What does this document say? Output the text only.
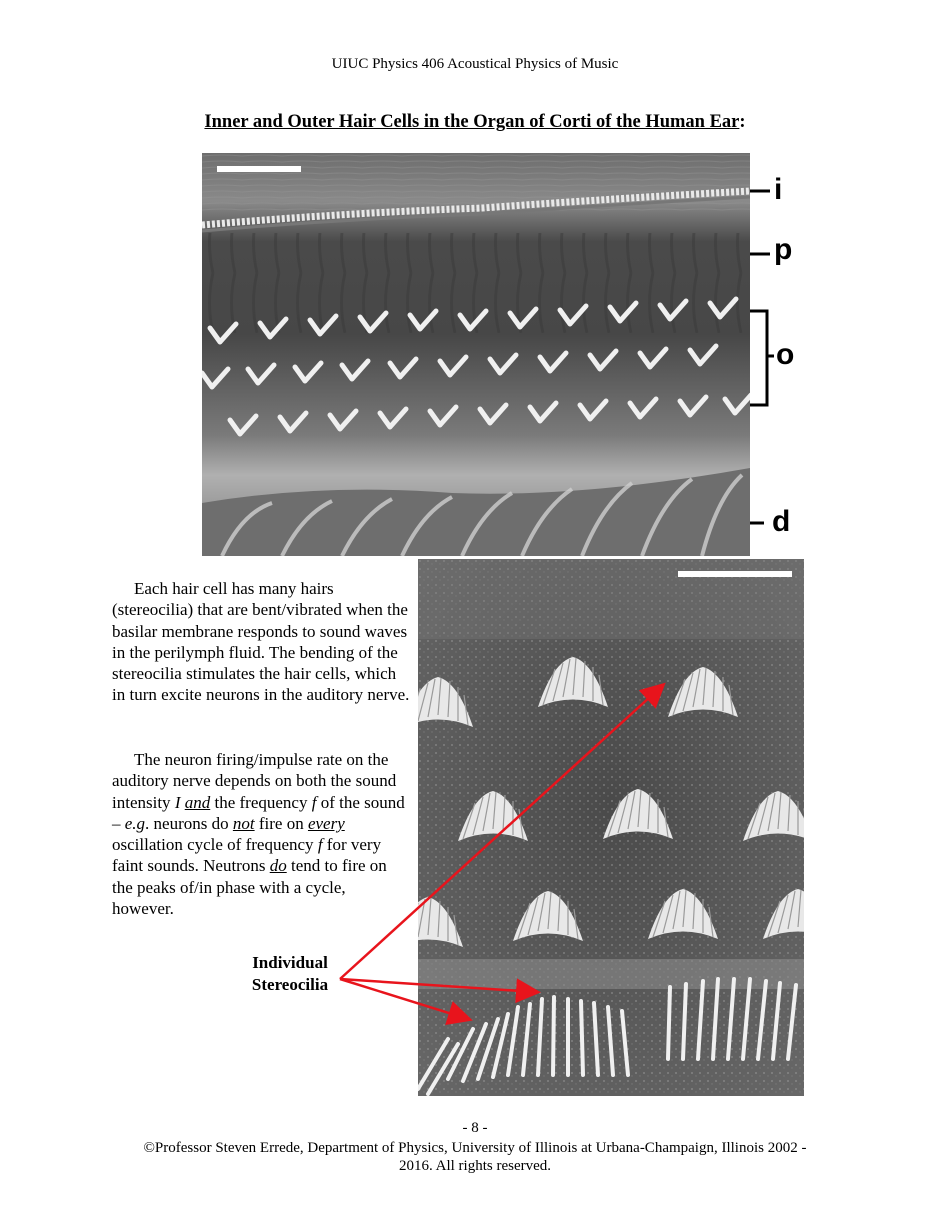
UIUC Physics 406 Acoustical Physics of Music
Inner and Outer Hair Cells in the Organ of Corti of the Human Ear:
i
p
o
d
Each hair cell has many hairs (stereocilia) that are bent/vibrated when the basilar membrane responds to sound waves in the perilymph fluid. The bending of the stereocilia stimulates the hair cells, which in turn excite neurons in the auditory nerve.
The neuron firing/impulse rate on the auditory nerve depends on both the sound intensity I and the frequency f of the sound – e.g. neurons do not fire on every oscillation cycle of frequency f for very faint sounds. Neutrons do tend to fire on the peaks of/in phase with a cycle, however.
Individual
Stereocilia
- 8 -
©Professor Steven Errede, Department of Physics, University of Illinois at Urbana-Champaign, Illinois 2002 - 2016. All rights reserved.
